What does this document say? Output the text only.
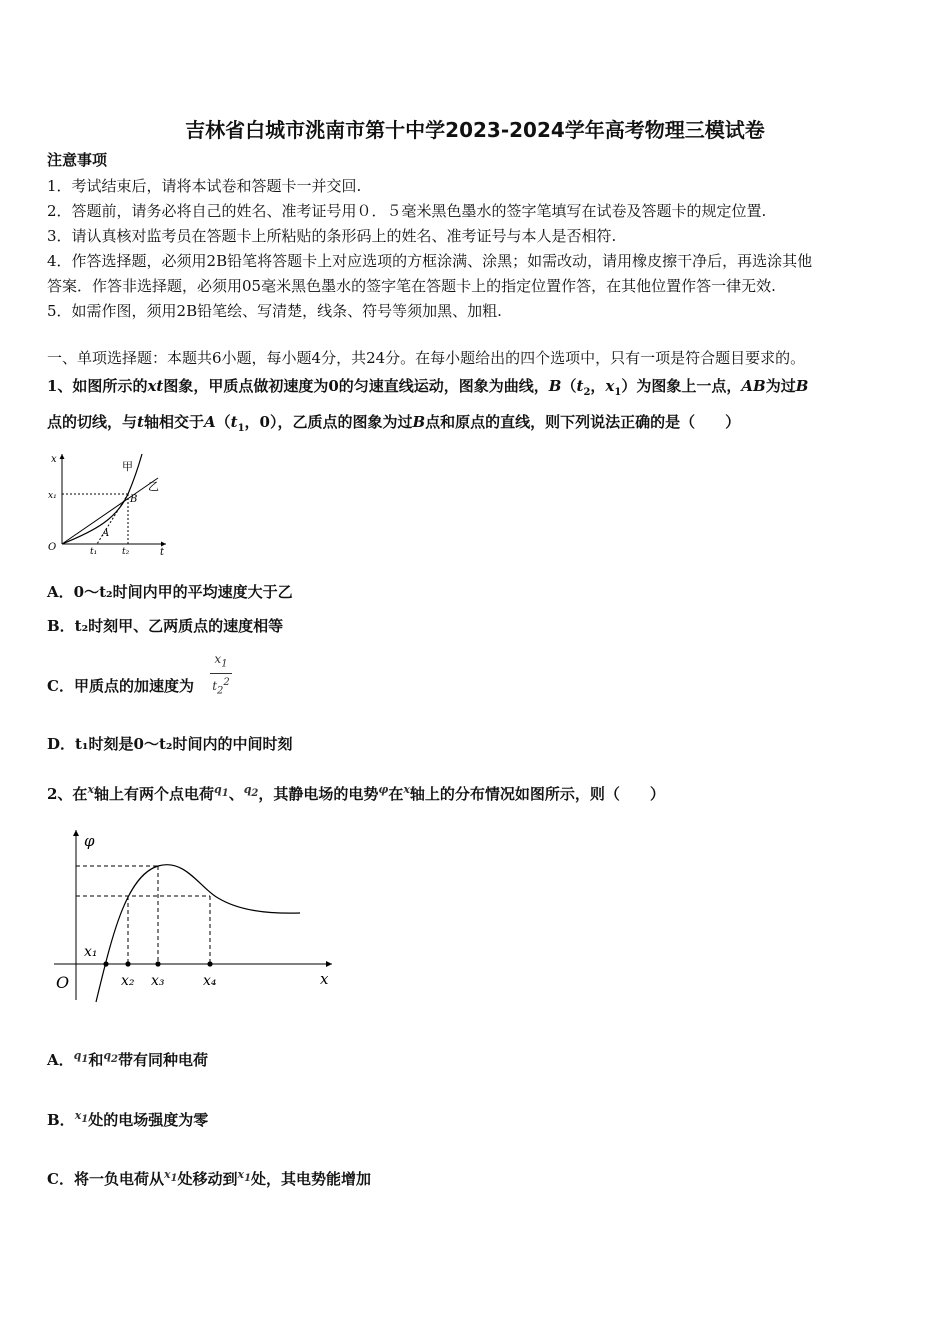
吉林省白城市洮南市第十中学2023-2024学年高考物理三模试卷
注意事项
1．考试结束后，请将本试卷和答题卡一并交回.
2．答题前，请务必将自己的姓名、准考证号用０．５毫米黑色墨水的签字笔填写在试卷及答题卡的规定位置.
3．请认真核对监考员在答题卡上所粘贴的条形码上的姓名、准考证号与本人是否相符.
4．作答选择题，必须用2B铅笔将答题卡上对应选项的方框涂满、涂黑；如需改动，请用橡皮擦干净后，再选涂其他
答案．作答非选择题，必须用05毫米黑色墨水的签字笔在答题卡上的指定位置作答，在其他位置作答一律无效.
5．如需作图，须用2B铅笔绘、写清楚，线条、符号等须加黑、加粗.
一、单项选择题：本题共6小题，每小题4分，共24分。在每小题给出的四个选项中，只有一项是符合题目要求的。
1、如图所示的xt图象，甲质点做初速度为0的匀速直线运动，图象为曲线，$B(t_2$，$x_1$）为图象上一点，AB为过B
点的切线，与t轴相交于$A(t_1$，0），乙质点的图象为过B点和原点的直线，则下列说法正确的是（　　）
x
t
O
甲
乙
B
A
x₁
t₁	t₂
A．0～t₂时间内甲的平均速度大于乙
B．t₂时刻甲、乙两质点的速度相等
C．甲质点的加速度为
$x_1$
$t_2^2$
D．t₁时刻是0～t₂时间内的中间时刻
2、在$^x$轴上有两个点电荷$^{q_1}$、$^{q_2}$，其静电场的电势$^\varphi$在$^x$轴上的分布情况如图所示，则（　　）
φ
x
O
x₁
x₂ x₃	x₄
A．$^{q_1}$和$^{q_2}$带有同种电荷
B．$^{x_1}$处的电场强度为零
C．将一负电荷从$^{x_1}$处移动到$^{x_1}$处，其电势能增加
